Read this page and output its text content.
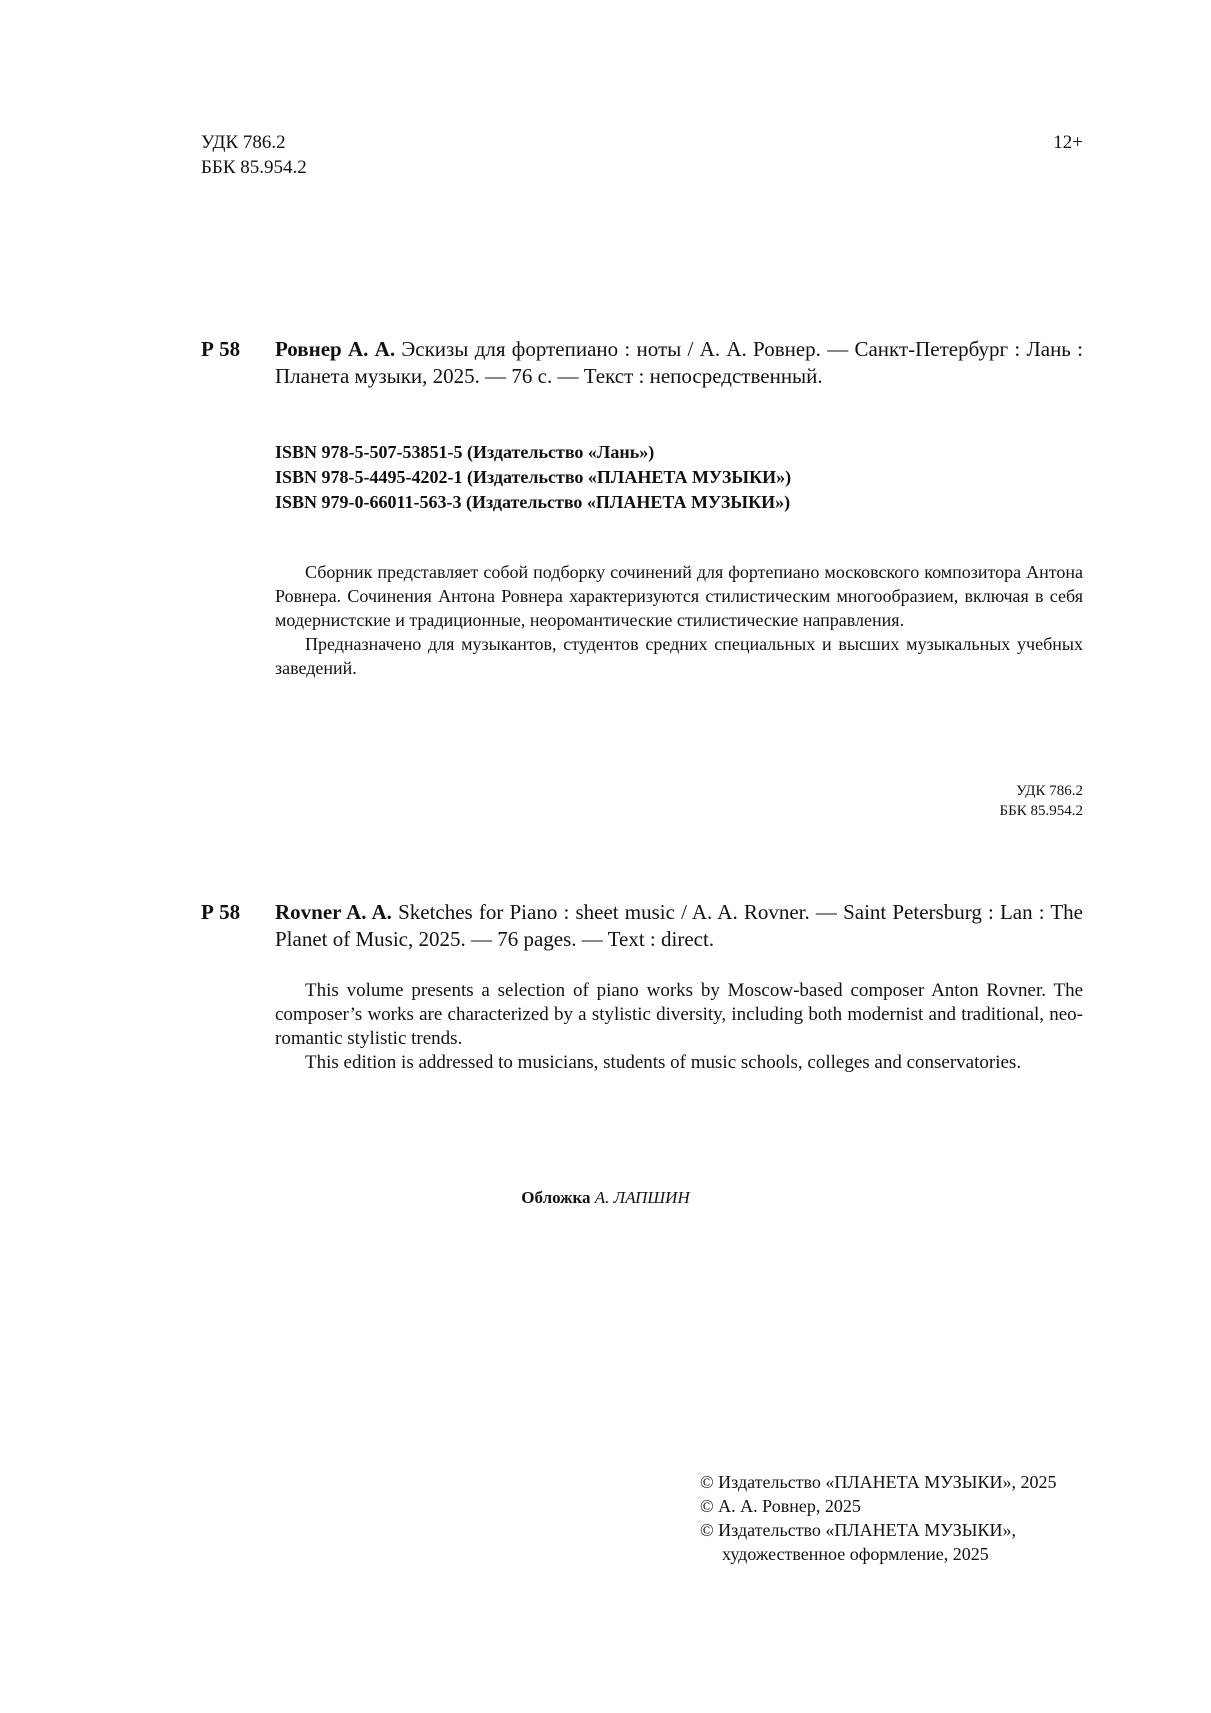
УДК 786.2
ББК 85.954.2
12+
Р 58 Ровнер А. А. Эскизы для фортепиано : ноты / А. А. Ровнер. — Санкт-Петербург : Лань : Планета музыки, 2025. — 76 с. — Текст : непосредственный.
ISBN 978-5-507-53851-5 (Издательство «Лань»)
ISBN 978-5-4495-4202-1 (Издательство «ПЛАНЕТА МУЗЫКИ»)
ISBN 979-0-66011-563-3 (Издательство «ПЛАНЕТА МУЗЫКИ»)

Сборник представляет собой подборку сочинений для фортепиано московского композитора Антона Ровнера. Сочинения Антона Ровнера характеризуются стилистическим многообразием, включая в себя модернистские и традиционные, неоромантические стилистические направления.

Предназначено для музыкантов, студентов средних специальных и высших музыкальных учебных заведений.

УДК 786.2
ББК 85.954.2
Р 58 Rovner A. A. Sketches for Piano : sheet music / A. A. Rovner. — Saint Petersburg : Lan : The Planet of Music, 2025. — 76 pages. — Text : direct.

This volume presents a selection of piano works by Moscow-based composer Anton Rovner. The composer’s works are characterized by a stylistic diversity, including both modernist and traditional, neo-romantic stylistic trends.

This edition is addressed to musicians, students of music schools, colleges and conservatories.

Обложка А. ЛАПШИН
© Издательство «ПЛАНЕТА МУЗЫКИ», 2025
© А. А. Ровнер, 2025
© Издательство «ПЛАНЕТА МУЗЫКИ»,
художественное оформление, 2025
